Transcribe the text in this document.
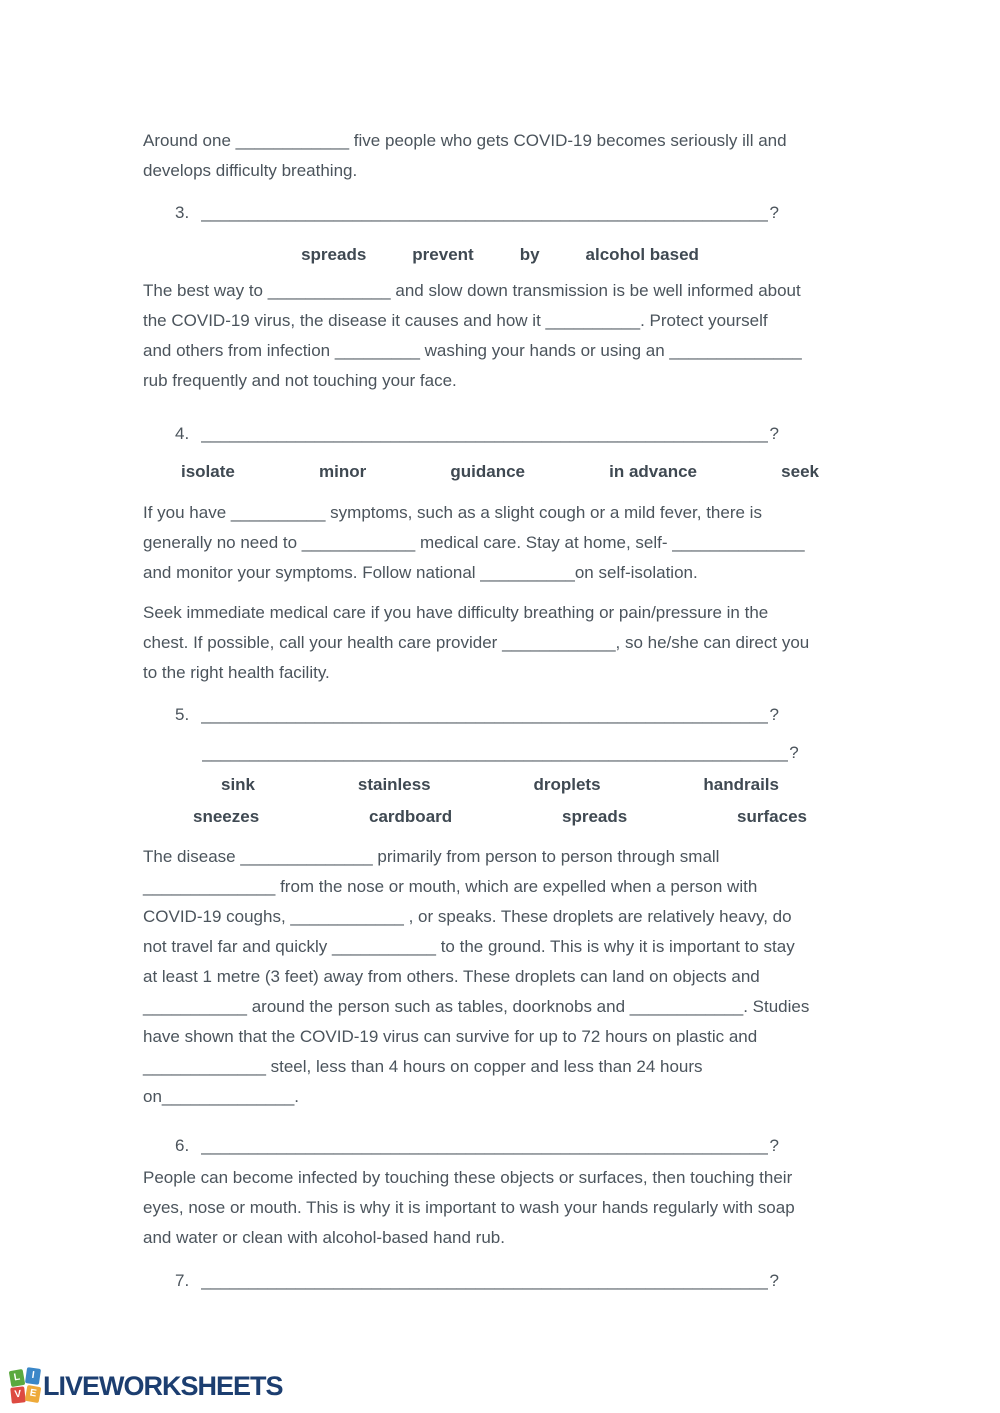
Around one ____________ five people who gets COVID-19 becomes seriously ill and
develops difficulty breathing.
3. ____________________________________________________________ ?
spreads	prevent	by	alcohol based
The best way to _____________ and slow down transmission is be well informed about
the COVID-19 virus, the disease it causes and how it __________. Protect yourself
and others from infection _________ washing your hands or using an ______________
rub frequently and not touching your face.
4. ____________________________________________________________ ?
isolate	minor	guidance	in advance	seek
If you have __________ symptoms, such as a slight cough or a mild fever, there is
generally no need to ____________ medical care. Stay at home, self- ______________
and monitor your symptoms. Follow national __________on self-isolation.
Seek immediate medical care if you have difficulty breathing or pain/pressure in the
chest. If possible, call your health care provider ____________, so he/she can direct you
to the right health facility.
5. ____________________________________________________________ ?
______________________________________________________________ ?
sink	stainless	droplets	handrails
sneezes	cardboard	spreads	surfaces
The disease ______________ primarily from person to person through small
______________ from the nose or mouth, which are expelled when a person with
COVID-19 coughs, ____________ , or speaks. These droplets are relatively heavy, do
not travel far and quickly ___________ to the ground. This is why it is important to stay
at least 1 metre (3 feet) away from others. These droplets can land on objects and
___________ around the person such as tables, doorknobs and ____________. Studies
have shown that the COVID-19 virus can survive for up to 72 hours on plastic and
_____________ steel, less than 4 hours on copper and less than 24 hours
on______________.
6. ____________________________________________________________ ?
People can become infected by touching these objects or surfaces, then touching their
eyes, nose or mouth. This is why it is important to wash your hands regularly with soap
and water or clean with alcohol-based hand rub.
7. ____________________________________________________________ ?
L	I
V E LIVEWORKSHEETS
